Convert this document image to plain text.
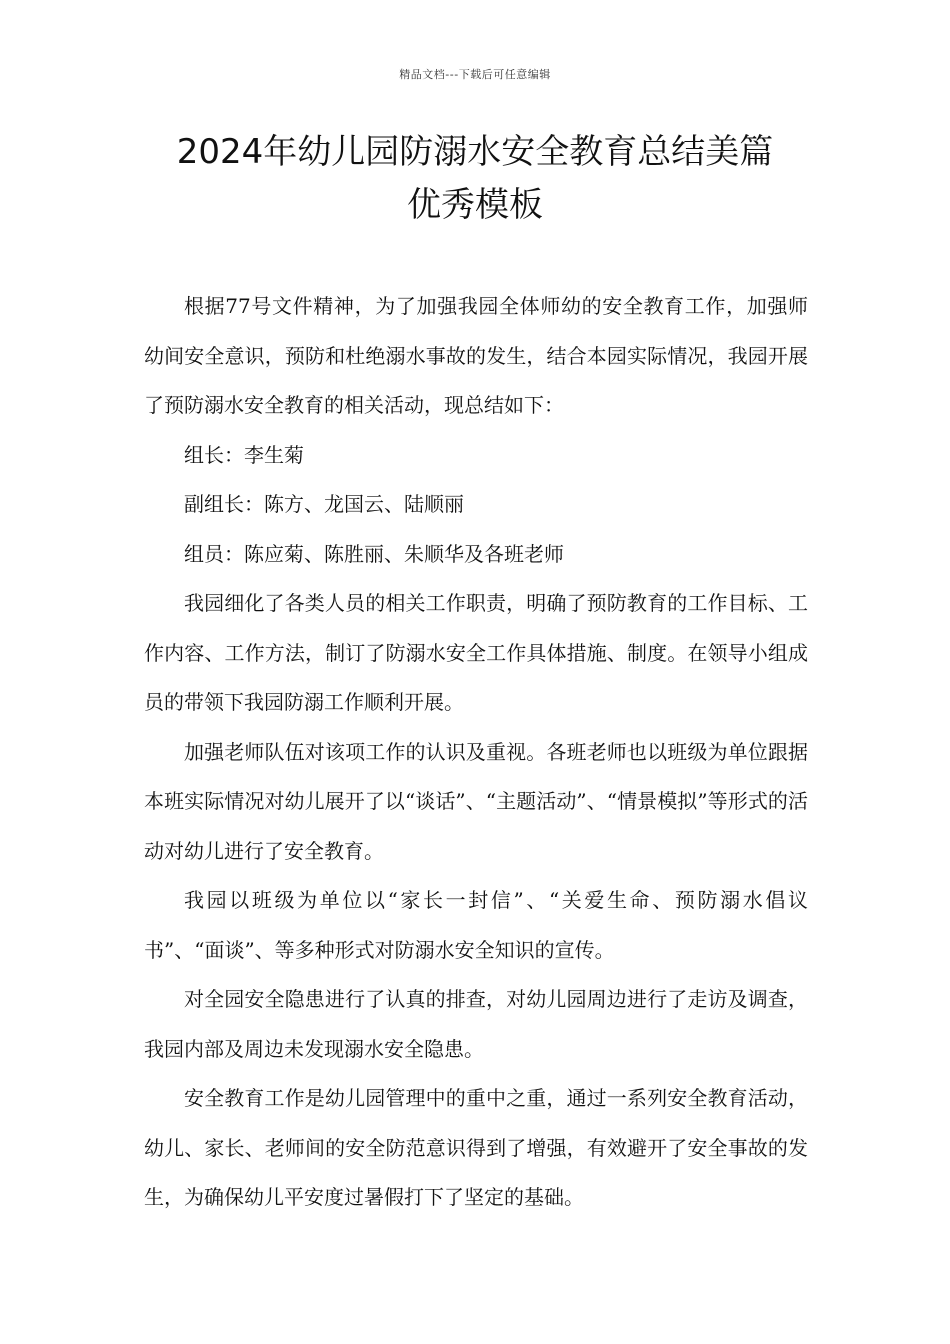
精品文档---下载后可任意编辑
2024年幼儿园防溺水安全教育总结美篇
优秀模板

根据77号文件精神，为了加强我园全体师幼的安全教育工作，加强师幼间安全意识，预防和杜绝溺水事故的发生，结合本园实际情况，我园开展了预防溺水安全教育的相关活动，现总结如下：

组长：李生菊

副组长：陈方、龙国云、陆顺丽

组员：陈应菊、陈胜丽、朱顺华及各班老师

我园细化了各类人员的相关工作职责，明确了预防教育的工作目标、工作内容、工作方法，制订了防溺水安全工作具体措施、制度。在领导小组成员的带领下我园防溺工作顺利开展。

加强老师队伍对该项工作的认识及重视。各班老师也以班级为单位跟据本班实际情况对幼儿展开了以“谈话”、“主题活动”、“情景模拟”等形式的活动对幼儿进行了安全教育。

我园以班级为单位以“家长一封信”、“关爱生命、预防溺水倡议书”、“面谈”、等多种形式对防溺水安全知识的宣传。

对全园安全隐患进行了认真的排查，对幼儿园周边进行了走访及调查，我园内部及周边未发现溺水安全隐患。

安全教育工作是幼儿园管理中的重中之重，通过一系列安全教育活动，幼儿、家长、老师间的安全防范意识得到了增强，有效避开了安全事故的发生，为确保幼儿平安度过暑假打下了坚定的基础。
